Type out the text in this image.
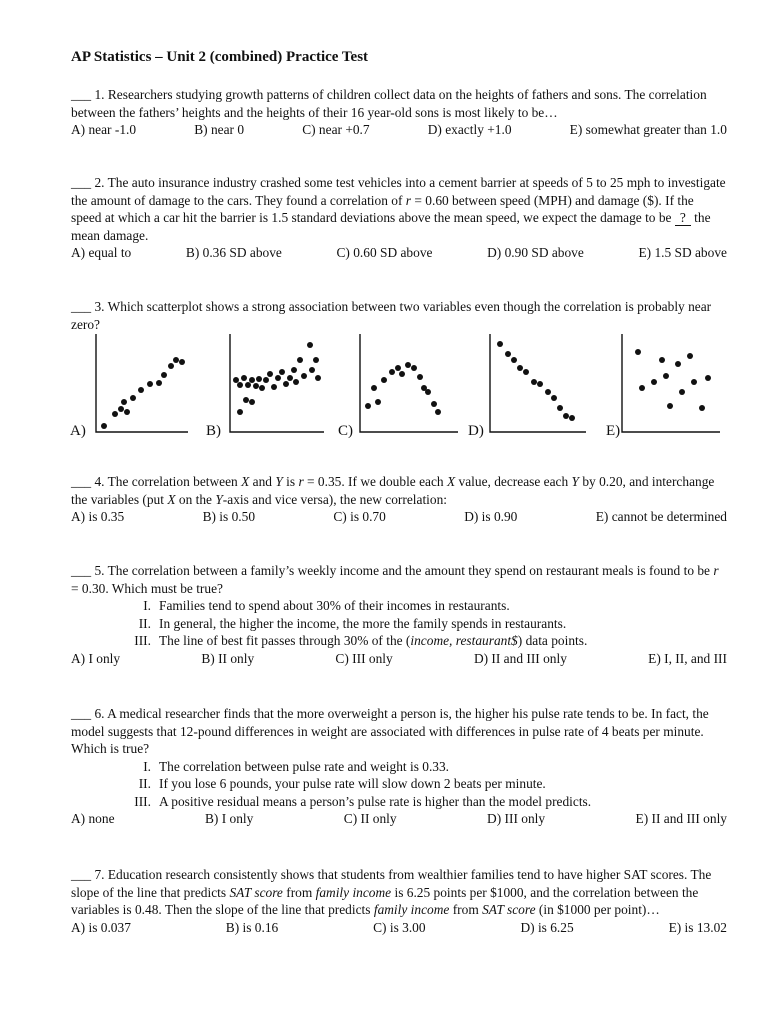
AP Statistics – Unit 2 (combined) Practice Test

___ 1. Researchers studying growth patterns of children collect data on the heights of fathers and sons. The correlation between the fathers’ heights and the heights of their 16 year-old sons is most likely to be…

A) near -1.0	B) near 0	C) near +0.7	D) exactly +1.0	E) somewhat greater than 1.0

___ 2. The auto insurance industry crashed some test vehicles into a cement barrier at speeds of 5 to 25 mph to investigate the amount of damage to the cars. They found a correlation of r = 0.60 between speed (MPH) and damage ($). If the speed at which a car hit the barrier is 1.5 standard deviations above the mean speed, we expect the damage to be ? the mean damage.

A) equal to	B) 0.36 SD above	C) 0.60 SD above	D) 0.90 SD above	E) 1.5 SD above

___ 3. Which scatterplot shows a strong association between two variables even though the correlation is probably near zero?

A)	B)	C)	D)	E)

___ 4. The correlation between X and Y is r = 0.35. If we double each X value, decrease each Y by 0.20, and interchange the variables (put X on the Y-axis and vice versa), the new correlation:

A) is 0.35	B) is 0.50	C) is 0.70	D) is 0.90	E) cannot be determined

___ 5. The correlation between a family’s weekly income and the amount they spend on restaurant meals is found to be r = 0.30. Which must be true?

I. Families tend to spend about 30% of their incomes in restaurants.
II. In general, the higher the income, the more the family spends in restaurants.
III. The line of best fit passes through 30% of the (income, restaurant$) data points.
A) I only	B) II only	C) III only	D) II and III only	E) I, II, and III

___ 6. A medical researcher finds that the more overweight a person is, the higher his pulse rate tends to be. In fact, the model suggests that 12-pound differences in weight are associated with differences in pulse rate of 4 beats per minute. Which is true?

I. The correlation between pulse rate and weight is 0.33.
II. If you lose 6 pounds, your pulse rate will slow down 2 beats per minute.
III. A positive residual means a person’s pulse rate is higher than the model predicts.
A) none	B) I only	C) II only	D) III only	E) II and III only

___ 7. Education research consistently shows that students from wealthier families tend to have higher SAT scores. The slope of the line that predicts SAT score from family income is 6.25 points per $1000, and the correlation between the variables is 0.48. Then the slope of the line that predicts family income from SAT score (in $1000 per point)…

A) is 0.037	B) is 0.16	C) is 3.00	D) is 6.25	E) is 13.02
